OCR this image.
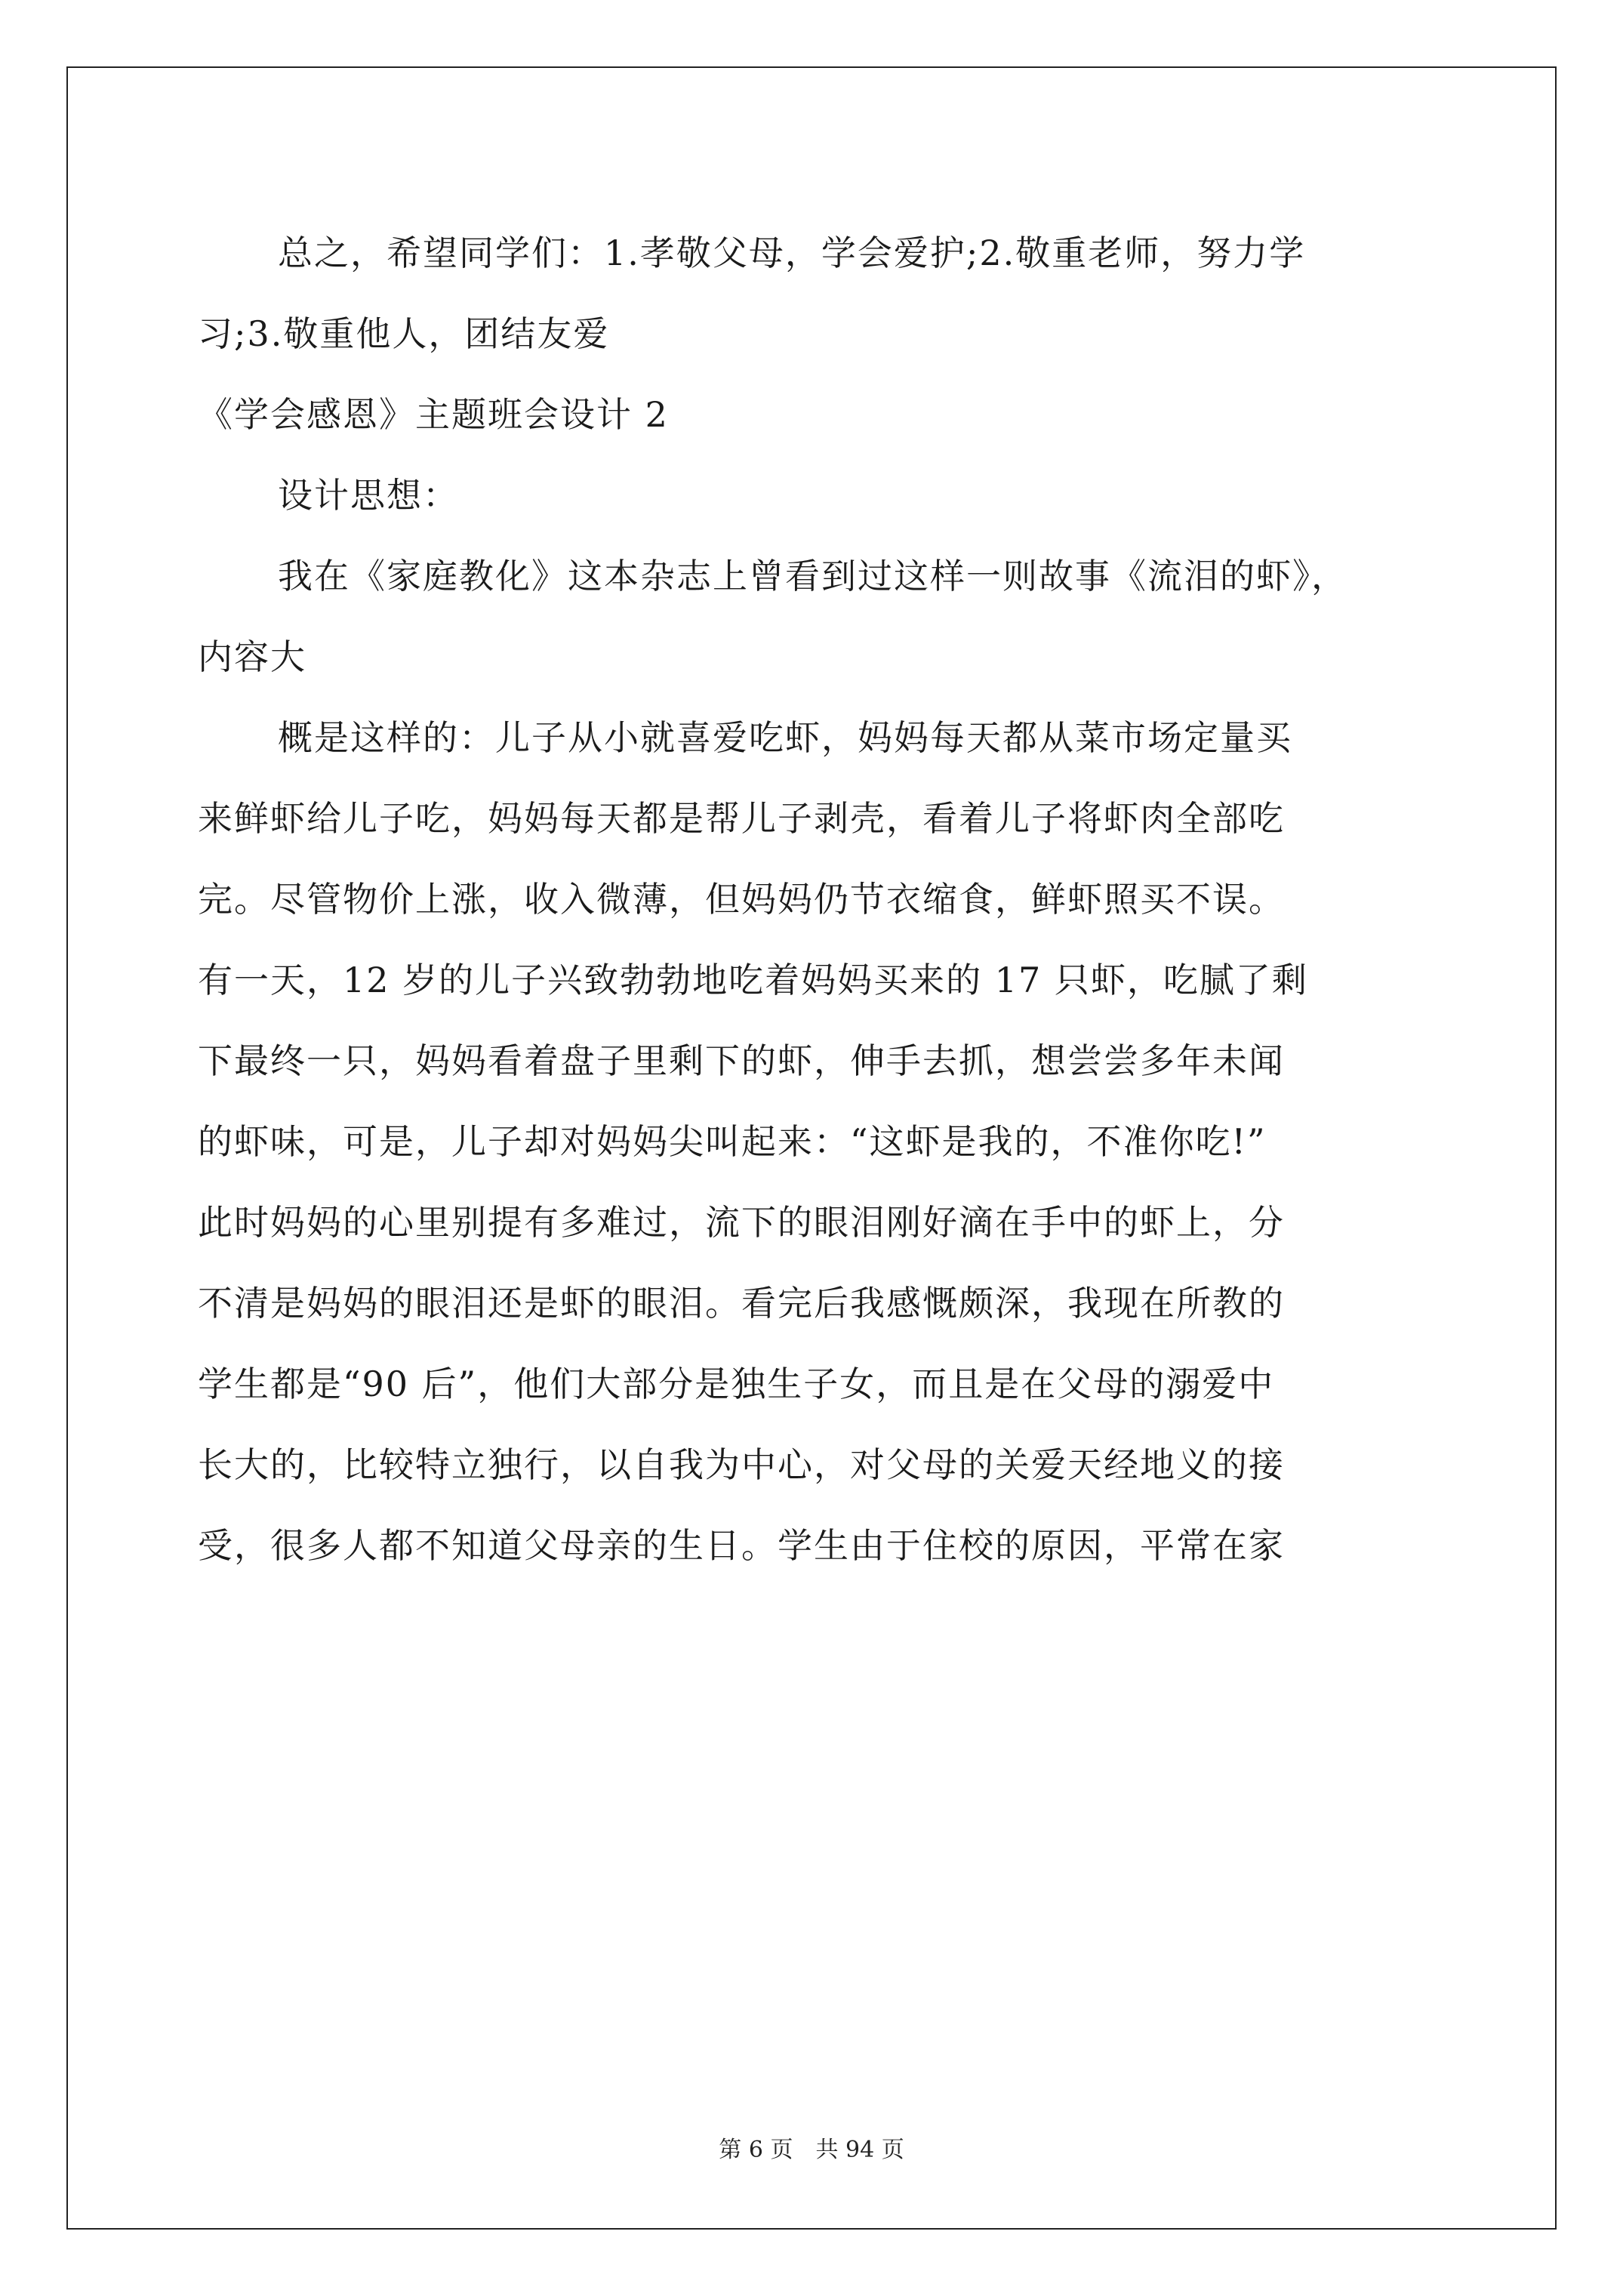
总之，希望同学们：1.孝敬父母，学会爱护;2.敬重老师，努力学
习;3.敬重他人，团结友爱
《学会感恩》主题班会设计 2
设计思想：
我在《家庭教化》这本杂志上曾看到过这样一则故事《流泪的虾》，
内容大
概是这样的：儿子从小就喜爱吃虾，妈妈每天都从菜市场定量买
来鲜虾给儿子吃，妈妈每天都是帮儿子剥壳，看着儿子将虾肉全部吃
完。尽管物价上涨，收入微薄，但妈妈仍节衣缩食，鲜虾照买不误。
有一天，12 岁的儿子兴致勃勃地吃着妈妈买来的 17 只虾，吃腻了剩
下最终一只，妈妈看着盘子里剩下的虾，伸手去抓，想尝尝多年未闻
的虾味，可是，儿子却对妈妈尖叫起来：“这虾是我的，不准你吃!”
此时妈妈的心里别提有多难过，流下的眼泪刚好滴在手中的虾上，分
不清是妈妈的眼泪还是虾的眼泪。看完后我感慨颇深，我现在所教的
学生都是“90 后”，他们大部分是独生子女，而且是在父母的溺爱中
长大的，比较特立独行，以自我为中心，对父母的关爱天经地义的接
受，很多人都不知道父母亲的生日。学生由于住校的原因，平常在家
第 6 页　共 94 页
